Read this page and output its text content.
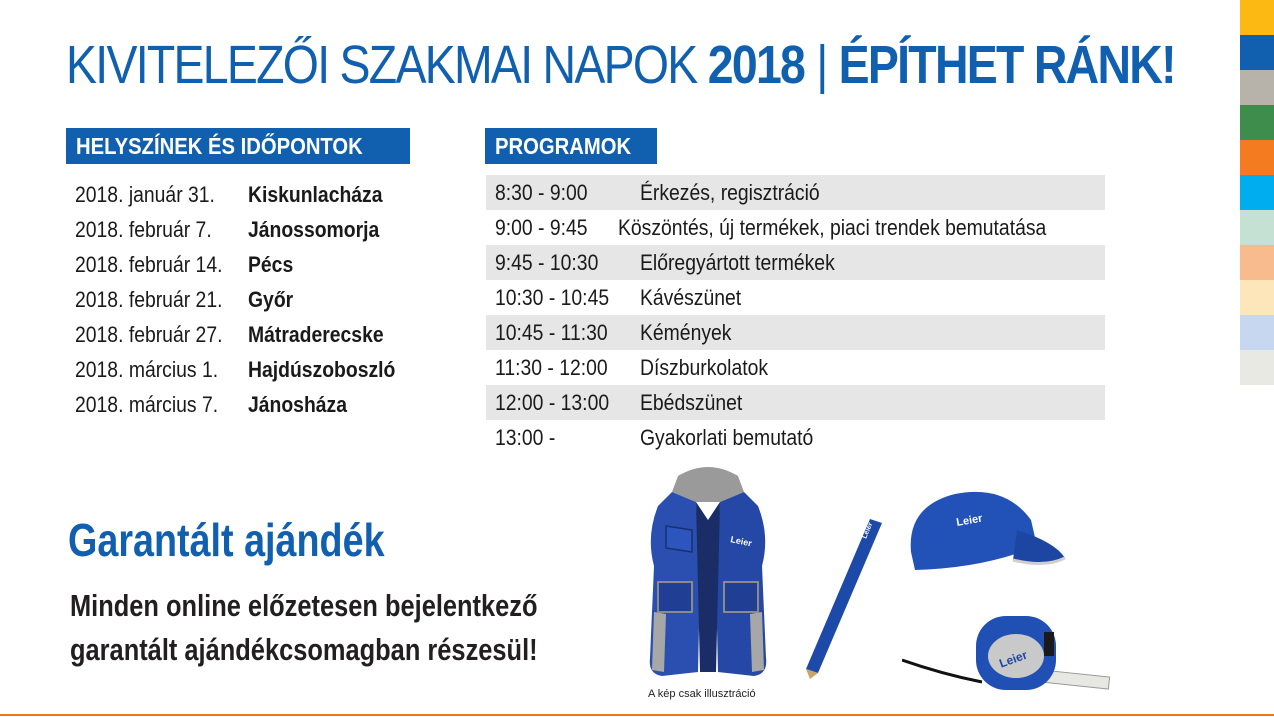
KIVITELEZŐI SZAKMAI NAPOK 2018 | ÉPÍTHET RÁNK!
HELYSZÍNEK ÉS IDŐPONTOK
2018. január 31.	Kiskunlacháza
2018. február 7.	Jánossomorja
2018. február 14.	Pécs
2018. február 21.	Győr
2018. február 27.	Mátraderecske
2018. március 1.	Hajdúszoboszló
2018. március 7.	Jánosháza
PROGRAMOK
8:30 - 9:00	Érkezés, regisztráció
9:00 - 9:45	Köszöntés, új termékek, piaci trendek bemutatása
9:45 - 10:30	Előregyártott termékek
10:30 - 10:45	Kávészünet
10:45 - 11:30	Kémények
11:30 - 12:00	Díszburkolatok
12:00 - 13:00	Ebédszünet
13:00 -	Gyakorlati bemutató
Garantált ajándék
Minden online előzetesen bejelentkező
garantált ajándékcsomagban részesül!
Leier
Leier
Leier
Leier
A kép csak illusztráció
